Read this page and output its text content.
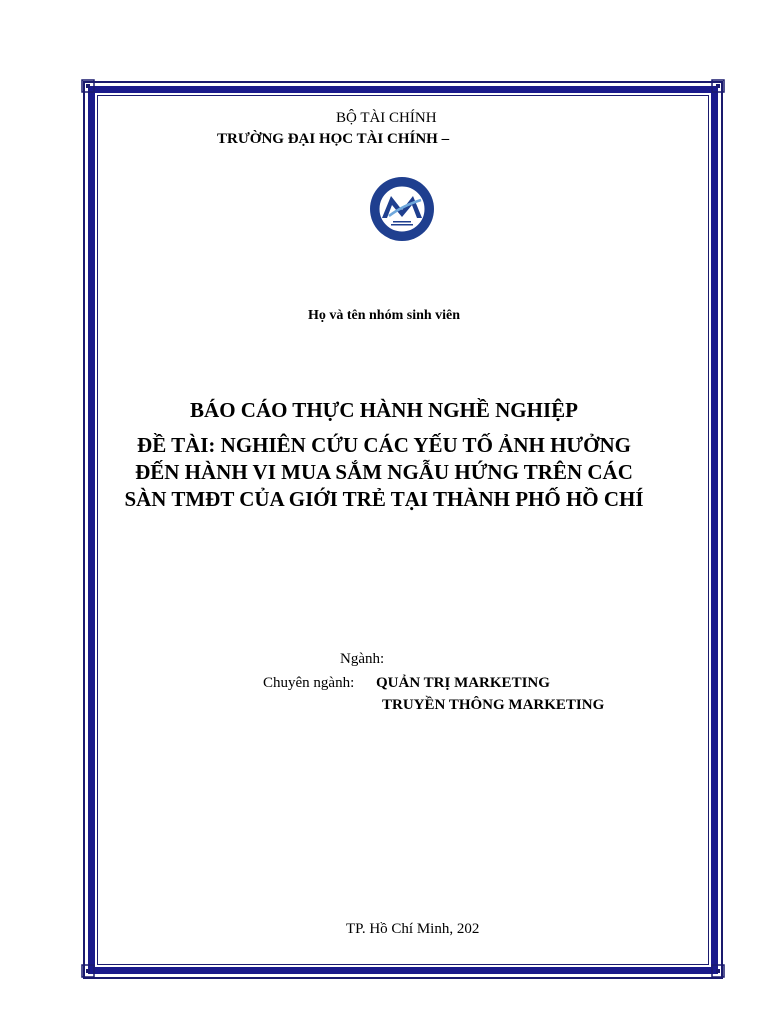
BỘ TÀI CHÍNH
TRƯỜNG ĐẠI HỌC TÀI CHÍNH –
Họ và tên nhóm sinh viên
BÁO CÁO THỰC HÀNH NGHỀ NGHIỆP
ĐỀ TÀI: NGHIÊN CỨU CÁC YẾU TỐ ẢNH HƯỞNG
ĐẾN HÀNH VI MUA SẮM NGẪU HỨNG TRÊN CÁC
SÀN TMĐT CỦA GIỚI TRẺ TẠI THÀNH PHỐ HỒ CHÍ
Ngành:
Chuyên ngành: QUẢN TRỊ MARKETING
TRUYỀN THÔNG MARKETING
TP. Hồ Chí Minh, 202
